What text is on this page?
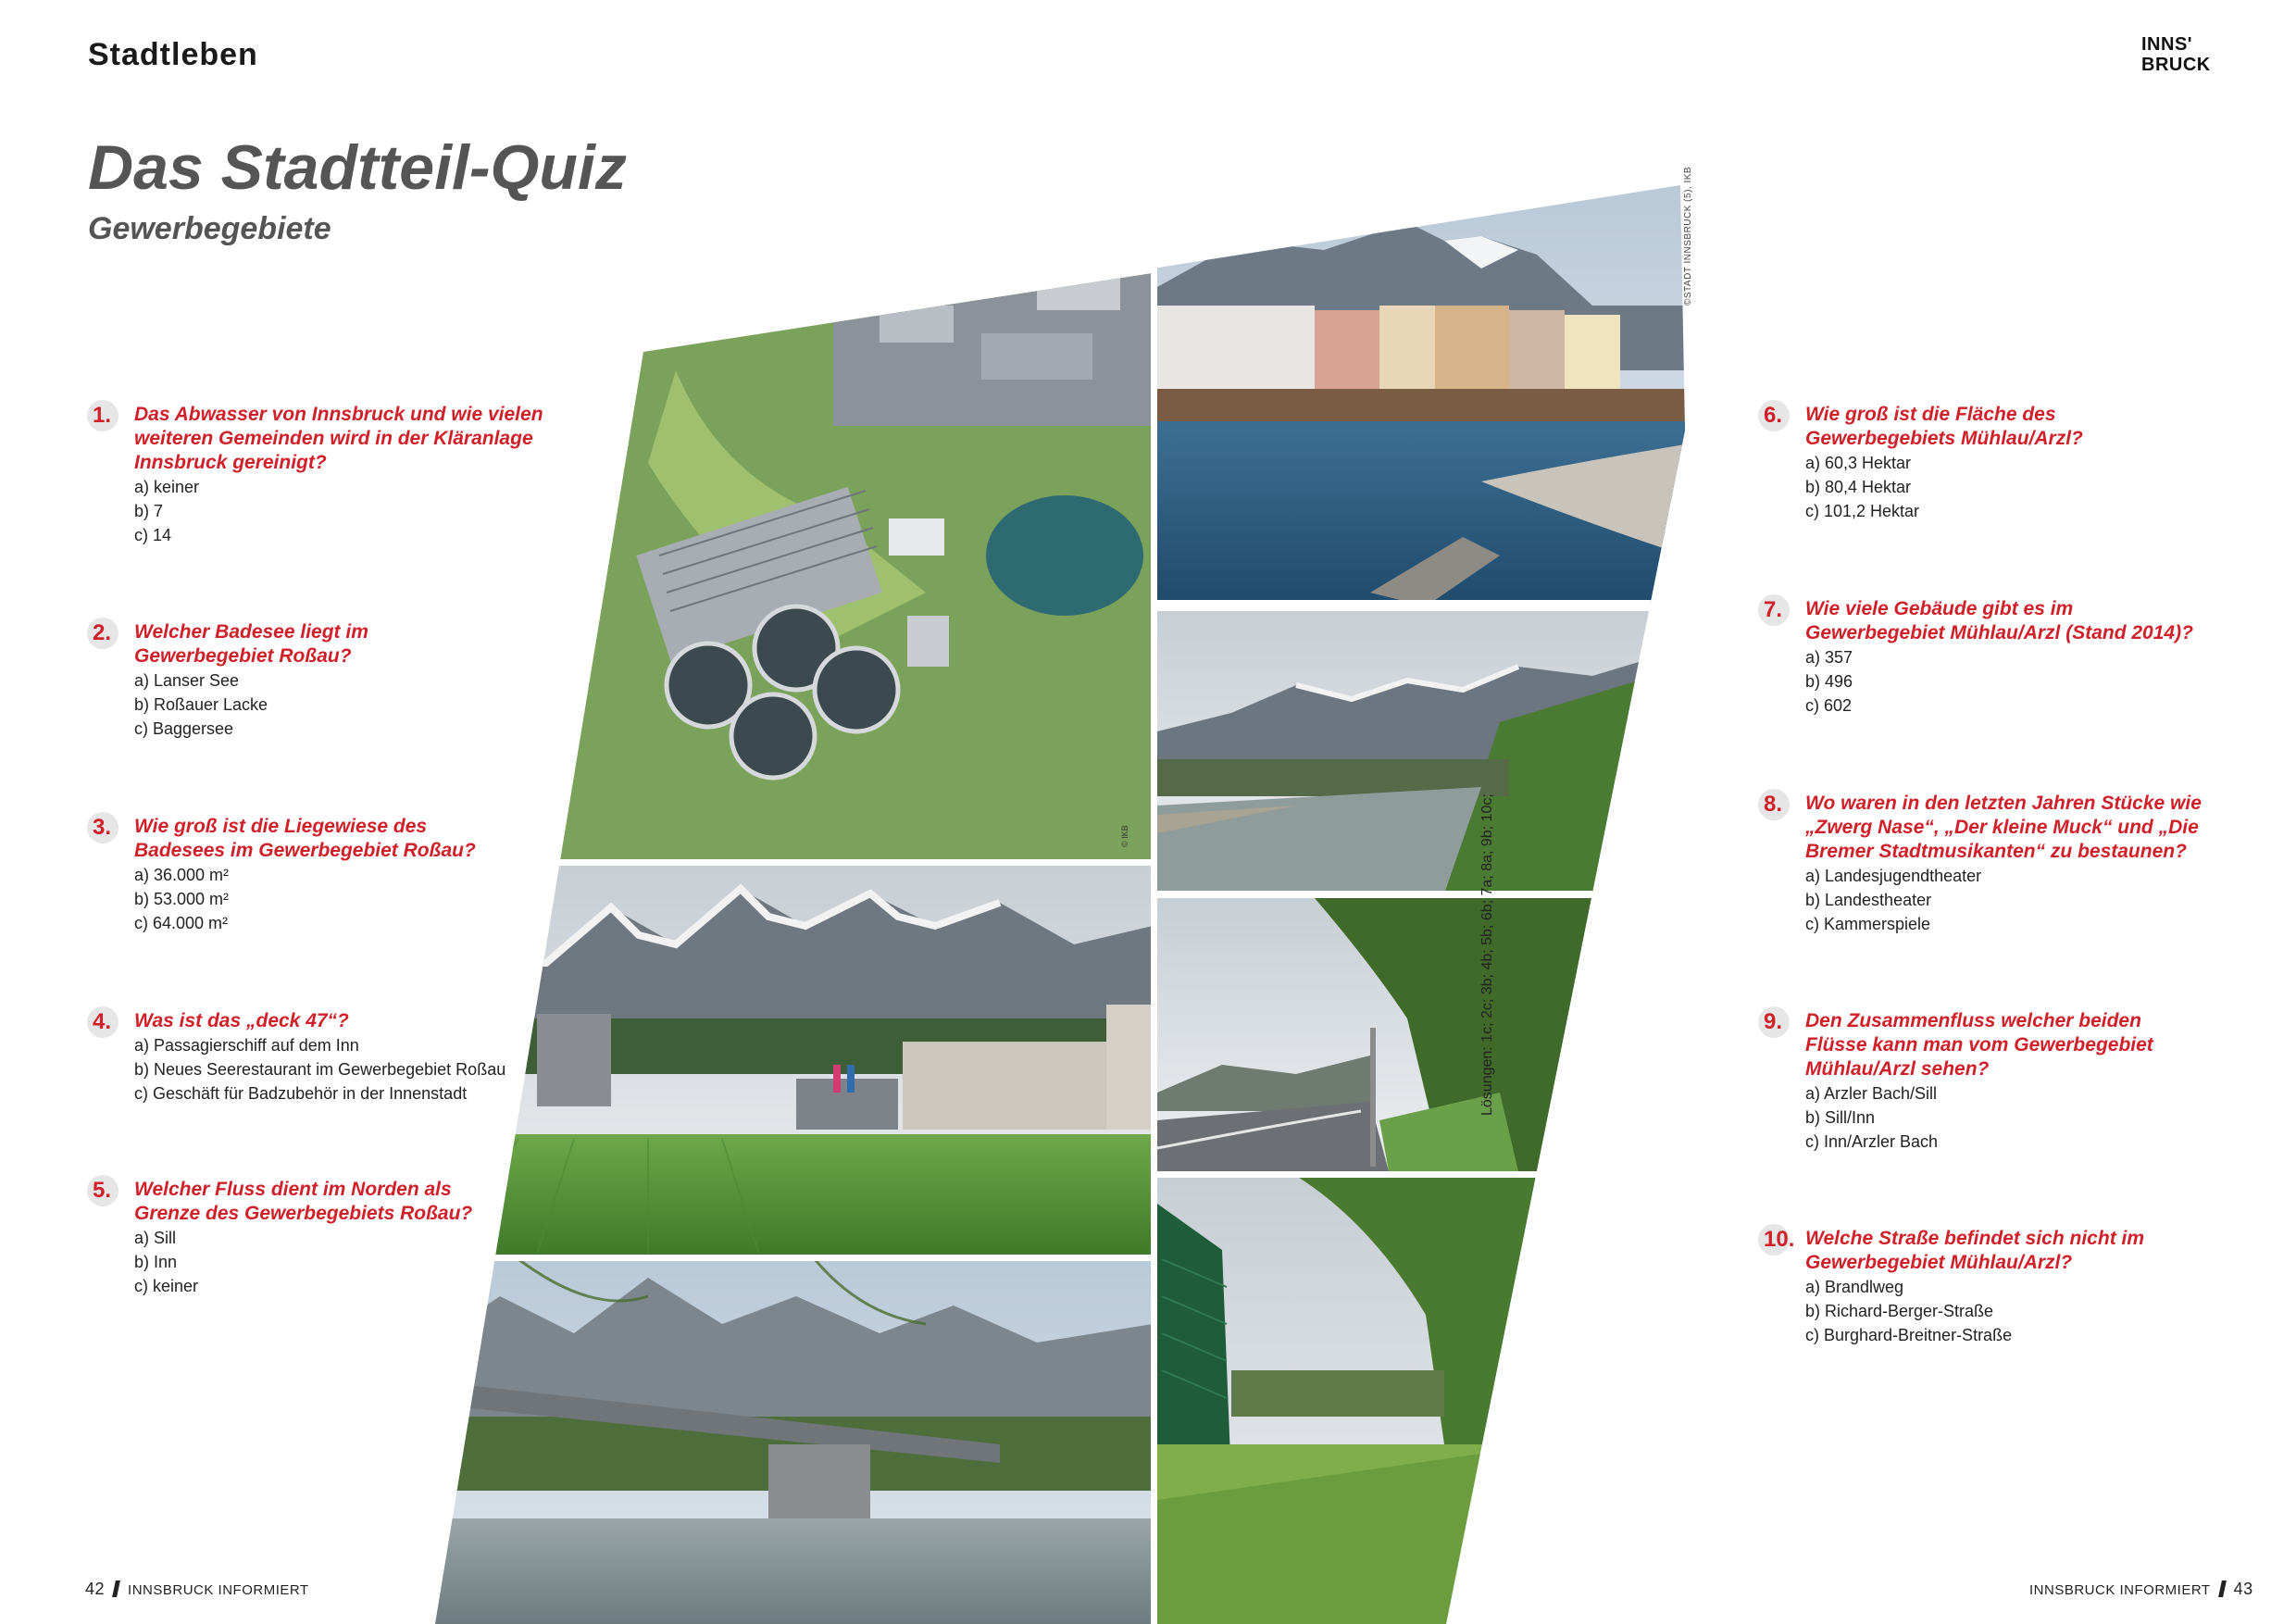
Stadtleben	INNS'
BRUCK
Das Stadtteil-Quiz
Gewerbegebiete	©STADT INNSBRUCK (5), IKB
© IKB	Lösungen: 1c; 2c; 3b; 4b; 5b; 6b; 7a; 8a; 9b; 10c;
1. Das Abwasser von Innsbruck und wie vielen weiteren Gemeinden wird in der Kläranlage Innsbruck gereinigt?
a) keiner
b) 7
c) 14
2. Welcher Badesee liegt im Gewerbegebiet Roßau?
a) Lanser See
b) Roßauer Lacke
c) Baggersee
3. Wie groß ist die Liegewiese des Badesees im Gewerbegebiet Roßau?
a) 36.000 m²
b) 53.000 m²
c) 64.000 m²
4. Was ist das „deck 47“?
a) Passagierschiff auf dem Inn
b) Neues Seerestaurant im Gewerbegebiet Roßau
c) Geschäft für Badzubehör in der Innenstadt
5. Welcher Fluss dient im Norden als Grenze des Gewerbegebiets Roßau?
a) Sill
b) Inn
c) keiner
6. Wie groß ist die Fläche des Gewerbegebiets Mühlau/Arzl?
a) 60,3 Hektar
b) 80,4 Hektar
c) 101,2 Hektar
7. Wie viele Gebäude gibt es im Gewerbegebiet Mühlau/Arzl (Stand 2014)?
a) 357
b) 496
c) 602
8. Wo waren in den letzten Jahren Stücke wie „Zwerg Nase“, „Der kleine Muck“ und „Die Bremer Stadtmusikanten“ zu bestaunen?
a) Landesjugendtheater
b) Landestheater
c) Kammerspiele
9. Den Zusammenfluss welcher beiden Flüsse kann man vom Gewerbegebiet Mühlau/Arzl sehen?
a) Arzler Bach/Sill
b) Sill/Inn
c) Inn/Arzler Bach
10. Welche Straße befindet sich nicht im Gewerbegebiet Mühlau/Arzl?
a) Brandlweg
b) Richard-Berger-Straße
c) Burghard-Breitner-Straße
42 INNSBRUCK INFORMIERT	INNSBRUCK INFORMIERT 43
